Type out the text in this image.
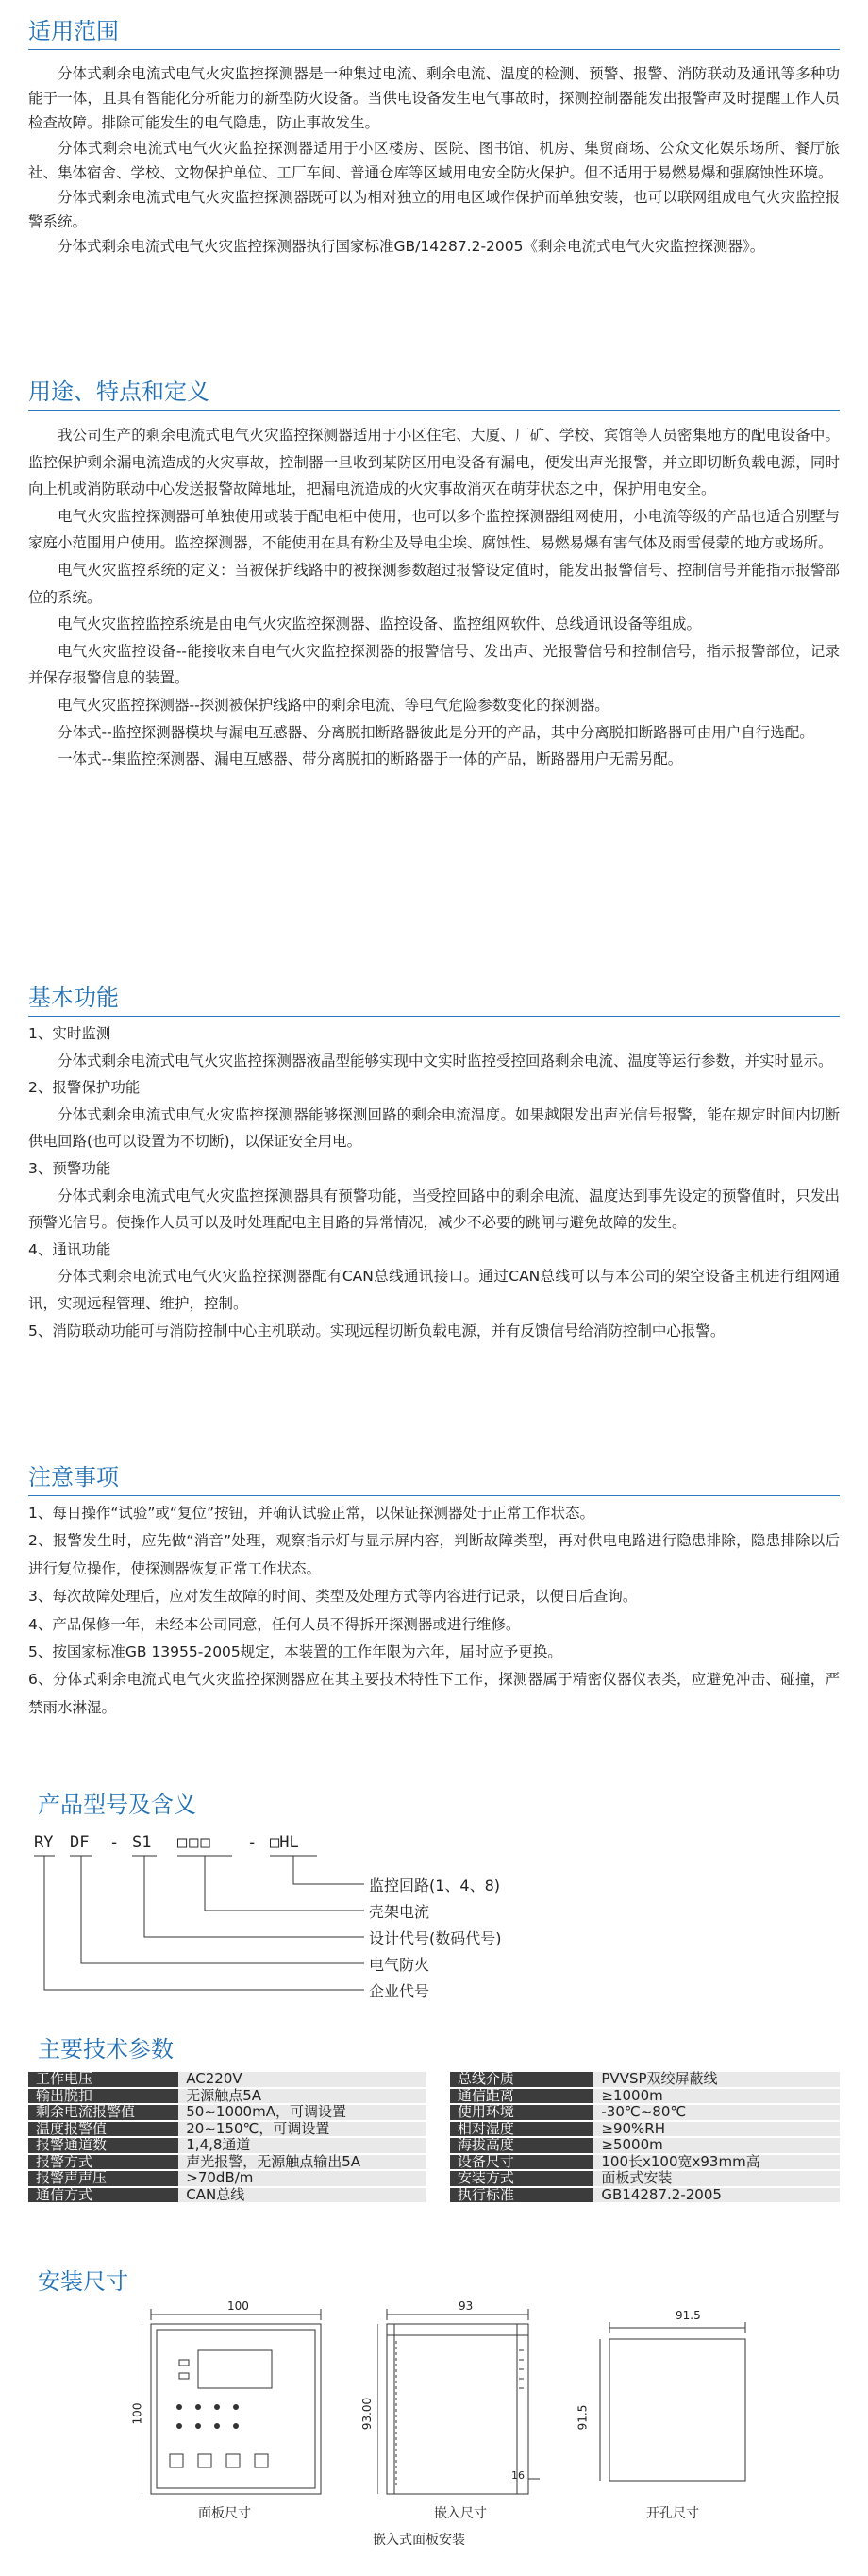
适用范围

分体式剩余电流式电气火灾监控探测器是一种集过电流、剩余电流、温度的检测、预警、报警、消防联动及通讯等多种功能于一体，且具有智能化分析能力的新型防火设备。当供电设备发生电气事故时，探测控制器能发出报警声及时提醒工作人员检查故障。排除可能发生的电气隐患，防止事故发生。

分体式剩余电流式电气火灾监控探测器适用于小区楼房、医院、图书馆、机房、集贸商场、公众文化娱乐场所、餐厅旅社、集体宿舍、学校、文物保护单位、工厂车间、普通仓库等区域用电安全防火保护。但不适用于易燃易爆和强腐蚀性环境。

分体式剩余电流式电气火灾监控探测器既可以为相对独立的用电区域作保护而单独安装，也可以联网组成电气火灾监控报警系统。

分体式剩余电流式电气火灾监控探测器执行国家标准GB/14287.2-2005《剩余电流式电气火灾监控探测器》。

用途、特点和定义

我公司生产的剩余电流式电气火灾监控探测器适用于小区住宅、大厦、厂矿、学校、宾馆等人员密集地方的配电设备中。监控保护剩余漏电流造成的火灾事故，控制器一旦收到某防区用电设备有漏电，便发出声光报警，并立即切断负载电源，同时向上机或消防联动中心发送报警故障地址，把漏电流造成的火灾事故消灭在萌芽状态之中，保护用电安全。

电气火灾监控探测器可单独使用或装于配电柜中使用，也可以多个监控探测器组网使用，小电流等级的产品也适合别墅与家庭小范围用户使用。监控探测器，不能使用在具有粉尘及导电尘埃、腐蚀性、易燃易爆有害气体及雨雪侵蒙的地方或场所。

电气火灾监控系统的定义：当被保护线路中的被探测参数超过报警设定值时，能发出报警信号、控制信号并能指示报警部位的系统。

电气火灾监控监控系统是由电气火灾监控探测器、监控设备、监控组网软件、总线通讯设备等组成。

电气火灾监控设备--能接收来自电气火灾监控探测器的报警信号、发出声、光报警信号和控制信号，指示报警部位，记录并保存报警信息的装置。

电气火灾监控探测器--探测被保护线路中的剩余电流、等电气危险参数变化的探测器。

分体式--监控探测器模块与漏电互感器、分离脱扣断路器彼此是分开的产品，其中分离脱扣断路器可由用户自行选配。

一体式--集监控探测器、漏电互感器、带分离脱扣的断路器于一体的产品，断路器用户无需另配。

基本功能

1、实时监测

分体式剩余电流式电气火灾监控探测器液晶型能够实现中文实时监控受控回路剩余电流、温度等运行参数，并实时显示。

2、报警保护功能

分体式剩余电流式电气火灾监控探测器能够探测回路的剩余电流温度。如果越限发出声光信号报警，能在规定时间内切断供电回路(也可以设置为不切断)，以保证安全用电。

3、预警功能

分体式剩余电流式电气火灾监控探测器具有预警功能，当受控回路中的剩余电流、温度达到事先设定的预警值时，只发出预警光信号。使操作人员可以及时处理配电主目路的异常情况，减少不必要的跳闸与避免故障的发生。

4、通讯功能

分体式剩余电流式电气火灾监控探测器配有CAN总线通讯接口。通过CAN总线可以与本公司的架空设备主机进行组网通讯，实现远程管理、维护，控制。

5、消防联动功能可与消防控制中心主机联动。实现远程切断负载电源，并有反馈信号给消防控制中心报警。

注意事项

1、每日操作“试验”或“复位”按钮，并确认试验正常，以保证探测器处于正常工作状态。

2、报警发生时，应先做“消音”处理，观察指示灯与显示屏内容，判断故障类型，再对供电电路进行隐患排除，隐患排除以后进行复位操作，使探测器恢复正常工作状态。

3、每次故障处理后，应对发生故障的时间、类型及处理方式等内容进行记录，以便日后查询。

4、产品保修一年，未经本公司同意，任何人员不得拆开探测器或进行维修。

5、按国家标准GB 13955-2005规定，本装置的工作年限为六年，届时应予更换。

6、分体式剩余电流式电气火灾监控探测器应在其主要技术特性下工作，探测器属于精密仪器仪表类，应避免冲击、碰撞，严禁雨水淋湿。

产品型号及含义
RY DF - S1 □□□ - □HL
监控回路(1、4、8)
壳架电流
设计代号(数码代号)
电气防火
企业代号
主要技术参数
工作电压	AC220V		总线介质	PVVSP双绞屏蔽线
输出脱扣	无源触点5A		通信距离	≥1000m
剩余电流报警值	50~1000mA，可调设置		使用环境	-30℃~80℃
温度报警值	20~150℃，可调设置		相对湿度	≥90%RH
报警通道数	1,4,8通道		海拔高度	≥5000m
报警方式	声光报警，无源触点输出5A		设备尺寸	100长x100宽x93mm高
报警声声压	>70dB/m		安装方式	面板式安装
通信方式	CAN总线		执行标准	GB14287.2-2005
安装尺寸
100
100
93
93.00
16
91.5
91.5
面板尺寸	嵌入尺寸	开孔尺寸
嵌入式面板安装
